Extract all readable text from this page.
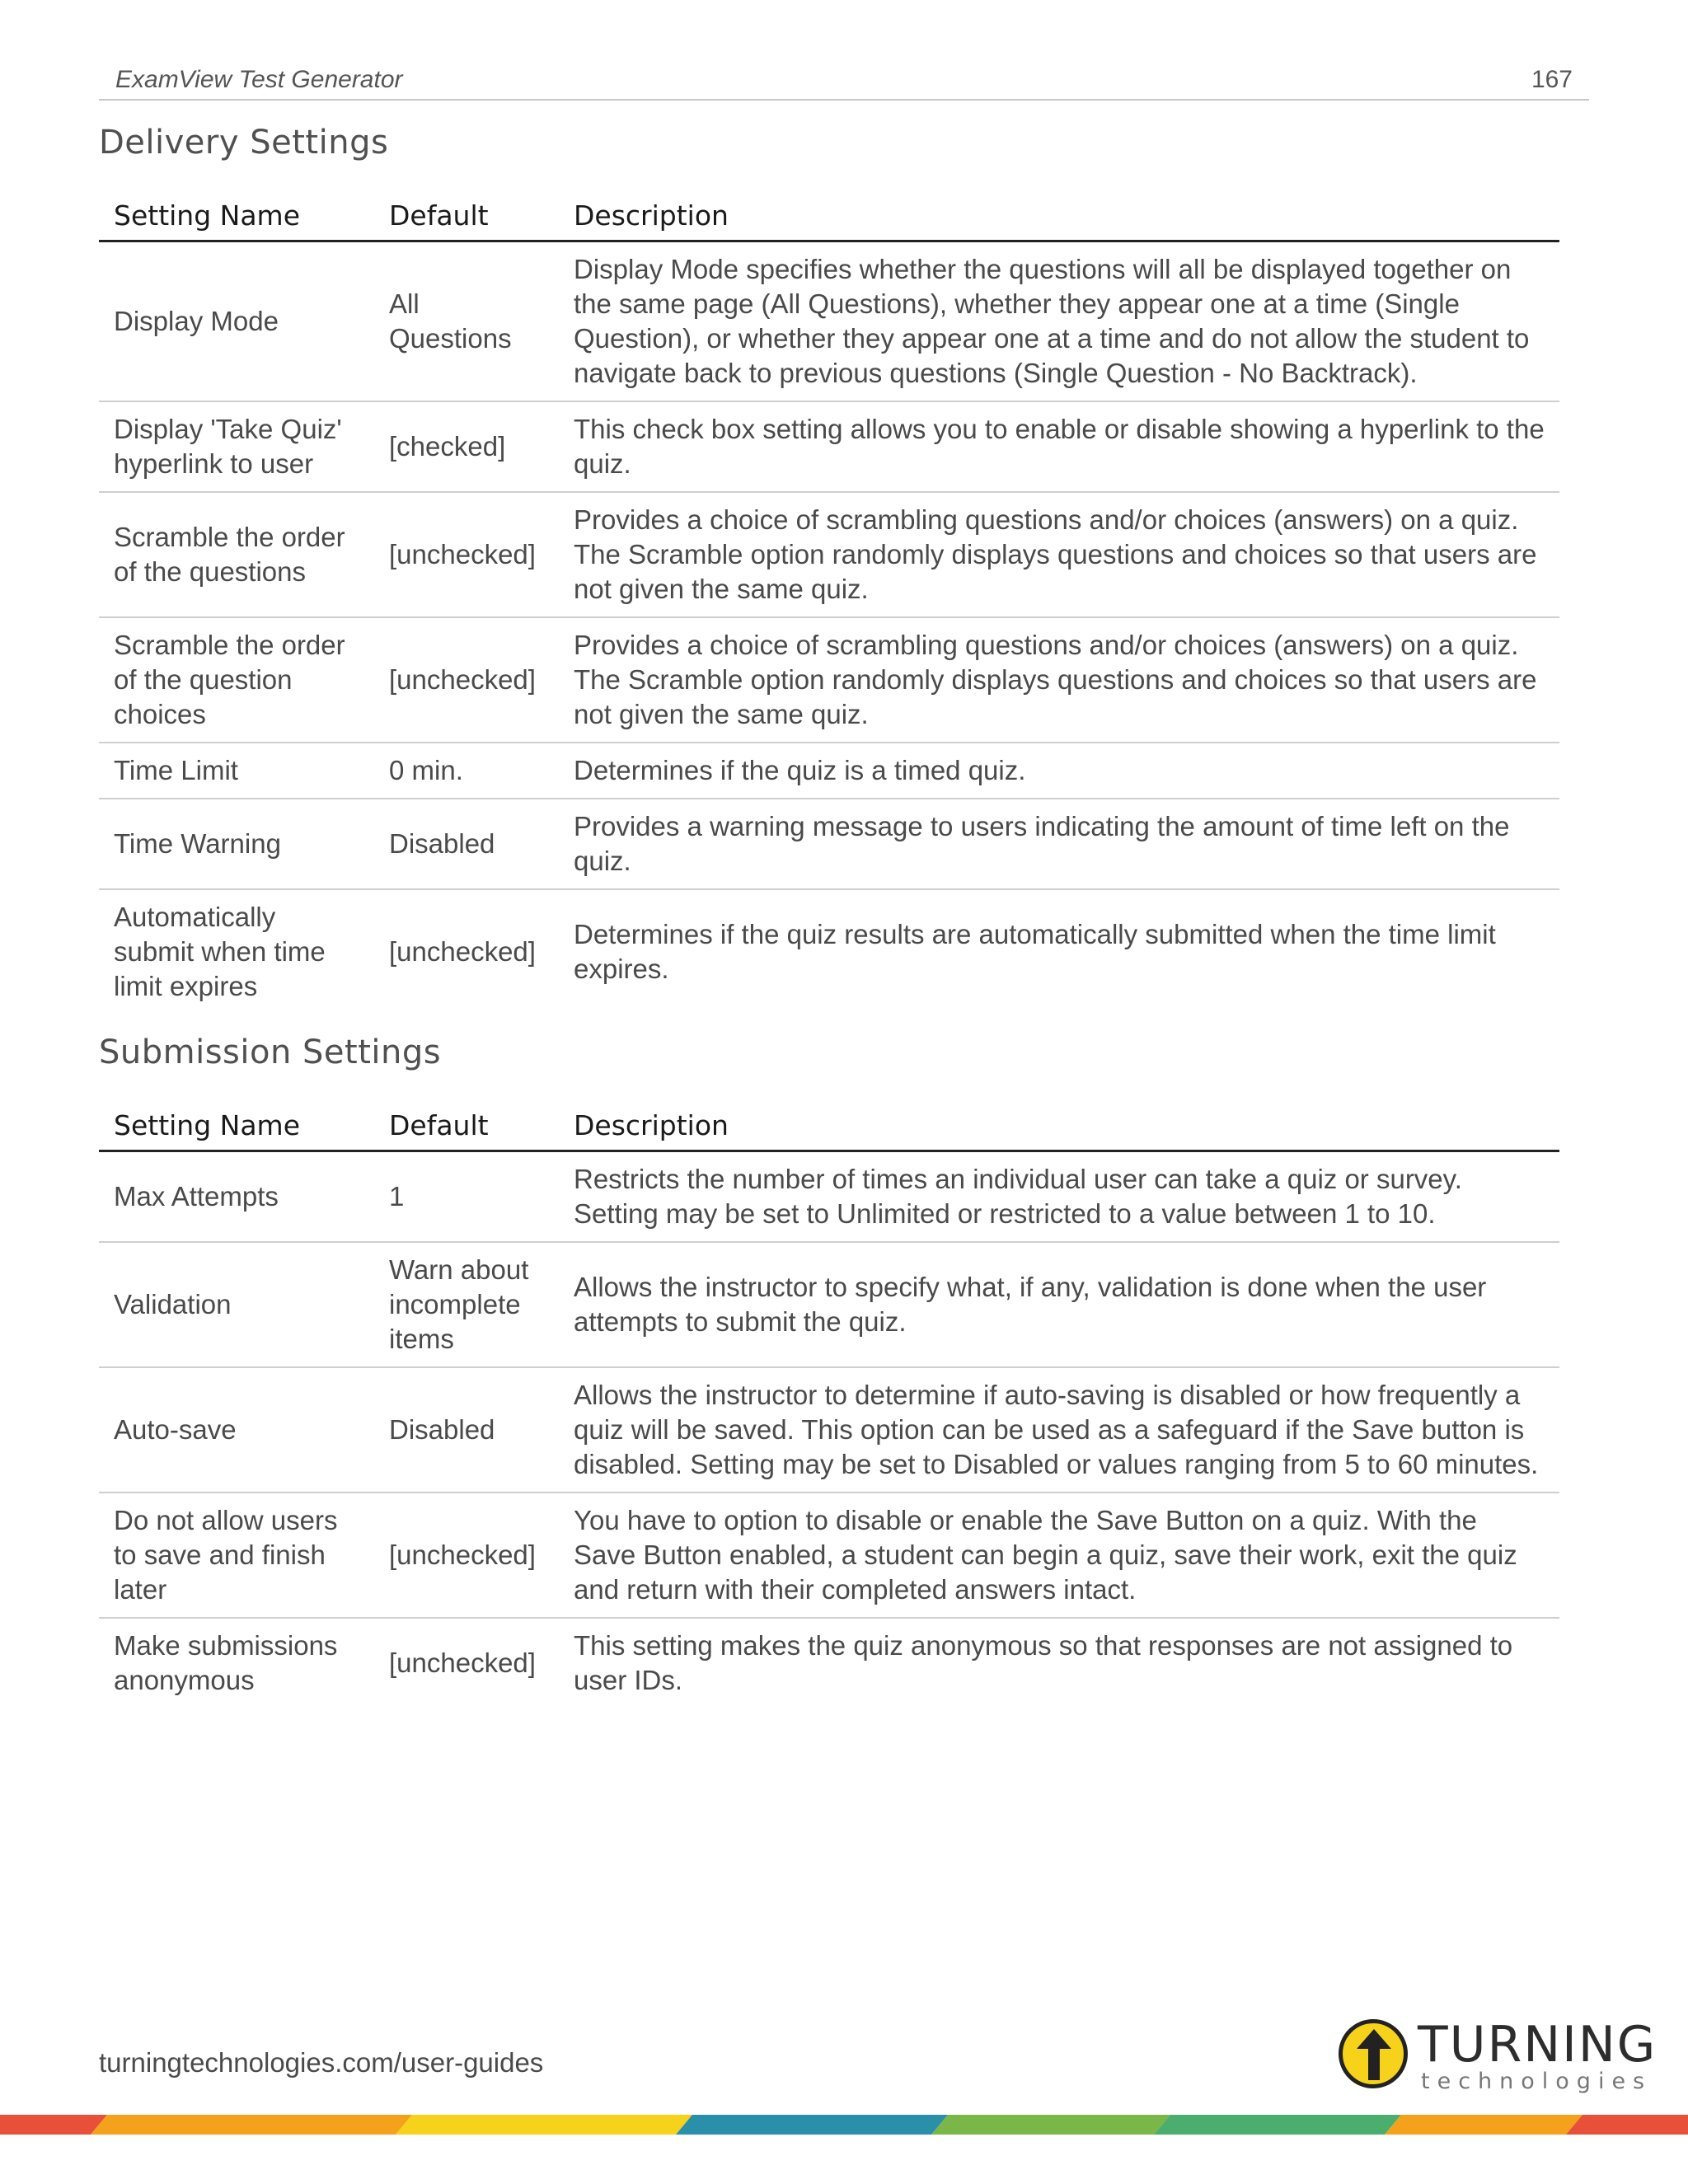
ExamView Test Generator	167
Delivery Settings
Setting Name	Default	Description
Display Mode	All Questions	Display Mode specifies whether the questions will all be displayed together on the same page (All Questions), whether they appear one at a time (Single Question), or whether they appear one at a time and do not allow the student to navigate back to previous questions (Single Question - No Backtrack).
Display 'Take Quiz' hyperlink to user	[checked]	This check box setting allows you to enable or disable showing a hyperlink to the quiz.
Scramble the order of the questions	[unchecked]	Provides a choice of scrambling questions and/or choices (answers) on a quiz. The Scramble option randomly displays questions and choices so that users are not given the same quiz.
Scramble the order of the question choices	[unchecked]	Provides a choice of scrambling questions and/or choices (answers) on a quiz. The Scramble option randomly displays questions and choices so that users are not given the same quiz.
Time Limit	0 min.	Determines if the quiz is a timed quiz.
Time Warning	Disabled	Provides a warning message to users indicating the amount of time left on the quiz.
Automatically submit when time limit expires	[unchecked]	Determines if the quiz results are automatically submitted when the time limit expires.
Submission Settings
Setting Name	Default	Description
Max Attempts	1	Restricts the number of times an individual user can take a quiz or survey. Setting may be set to Unlimited or restricted to a value between 1 to 10.
Validation	Warn about incomplete items	Allows the instructor to specify what, if any, validation is done when the user attempts to submit the quiz.
Auto-save	Disabled	Allows the instructor to determine if auto-saving is disabled or how frequently a quiz will be saved. This option can be used as a safeguard if the Save button is disabled. Setting may be set to Disabled or values ranging from 5 to 60 minutes.
Do not allow users to save and finish later	[unchecked]	You have to option to disable or enable the Save Button on a quiz. With the Save Button enabled, a student can begin a quiz, save their work, exit the quiz and return with their completed answers intact.
Make submissions anonymous	[unchecked]	This setting makes the quiz anonymous so that responses are not assigned to user IDs.
turningtechnologies.com/user-guides	TURNING
technologies
